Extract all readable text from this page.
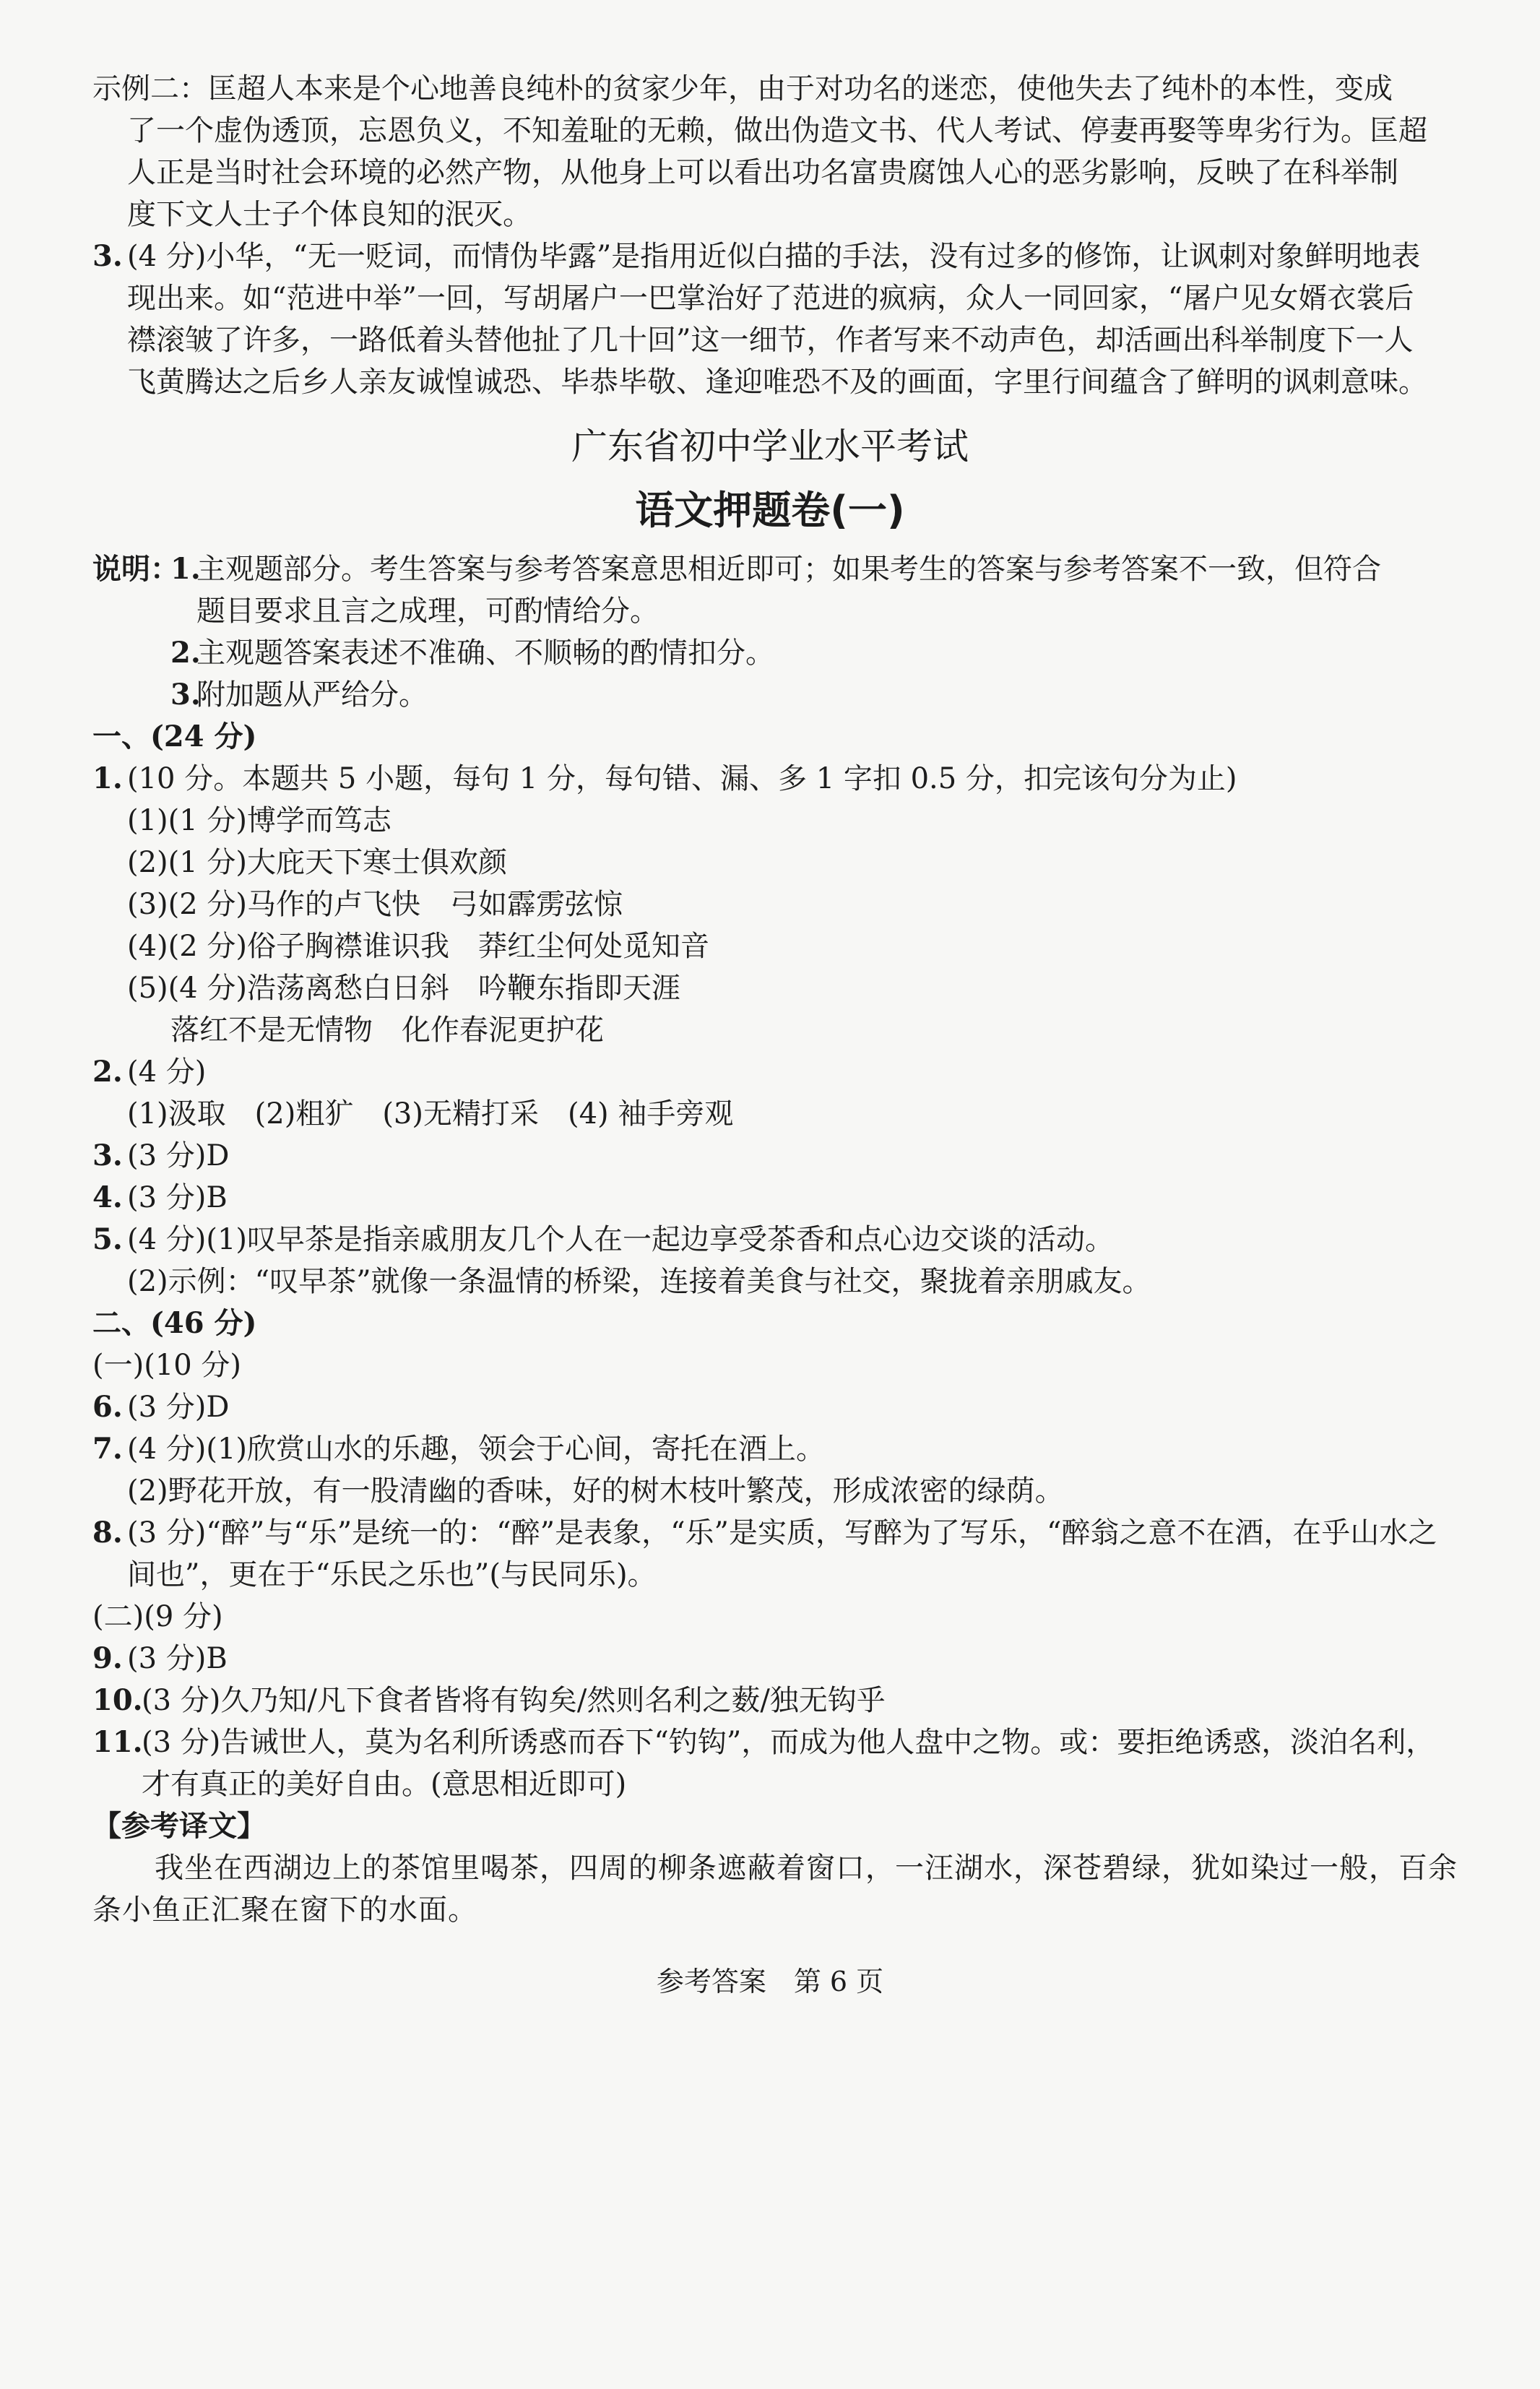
示例二：匡超人本来是个心地善良纯朴的贫家少年，由于对功名的迷恋，使他失去了纯朴的本性，变成
了一个虚伪透顶，忘恩负义，不知羞耻的无赖，做出伪造文书、代人考试、停妻再娶等卑劣行为。匡超
人正是当时社会环境的必然产物，从他身上可以看出功名富贵腐蚀人心的恶劣影响，反映了在科举制
度下文人士子个体良知的泯灭。
3. (4 分)小华，“无一贬词，而情伪毕露”是指用近似白描的手法，没有过多的修饰，让讽刺对象鲜明地表
现出来。如“范进中举”一回，写胡屠户一巴掌治好了范进的疯病，众人一同回家，“屠户见女婿衣裳后
襟滚皱了许多，一路低着头替他扯了几十回”这一细节，作者写来不动声色，却活画出科举制度下一人
飞黄腾达之后乡人亲友诚惶诚恐、毕恭毕敬、逢迎唯恐不及的画面，字里行间蕴含了鲜明的讽刺意味。
广东省初中学业水平考试
语文押题卷(一)
说明：
1.
主观题部分。考生答案与参考答案意思相近即可；如果考生的答案与参考答案不一致，但符合
题目要求且言之成理，可酌情给分。
2.
主观题答案表述不准确、不顺畅的酌情扣分。
3.
附加题从严给分。
一、(24 分)
1. (10 分。本题共 5 小题，每句 1 分，每句错、漏、多 1 字扣 0.5 分，扣完该句分为止)
(1)(1 分)博学而笃志
(2)(1 分)大庇天下寒士俱欢颜
(3)(2 分)马作的卢飞快　弓如霹雳弦惊
(4)(2 分)俗子胸襟谁识我　莽红尘何处觅知音
(5)(4 分)浩荡离愁白日斜　吟鞭东指即天涯
落红不是无情物　化作春泥更护花
2. (4 分)
(1)汲取　(2)粗犷　(3)无精打采　(4) 袖手旁观
3. (3 分)D
4. (3 分)B
5. (4 分)(1)叹早茶是指亲戚朋友几个人在一起边享受茶香和点心边交谈的活动。
(2)示例：“叹早茶”就像一条温情的桥梁，连接着美食与社交，聚拢着亲朋戚友。
二、(46 分)
(一)(10 分)
6. (3 分)D
7. (4 分)(1)欣赏山水的乐趣，领会于心间，寄托在酒上。
(2)野花开放，有一股清幽的香味，好的树木枝叶繁茂，形成浓密的绿荫。
8. (3 分)“醉”与“乐”是统一的：“醉”是表象，“乐”是实质，写醉为了写乐，“醉翁之意不在酒，在乎山水之
间也”，更在于“乐民之乐也”(与民同乐)。
(二)(9 分)
9. (3 分)B
10.
(3 分)久乃知/凡下食者皆将有钩矣/然则名利之薮/独无钩乎
11.
(3 分)告诫世人，莫为名利所诱惑而吞下“钓钩”，而成为他人盘中之物。或：要拒绝诱惑，淡泊名利，
才有真正的美好自由。(意思相近即可)
【参考译文】
我坐在西湖边上的茶馆里喝茶，四周的柳条遮蔽着窗口，一汪湖水，深苍碧绿，犹如染过一般，百余
条小鱼正汇聚在窗下的水面。
参考答案　第 6 页
